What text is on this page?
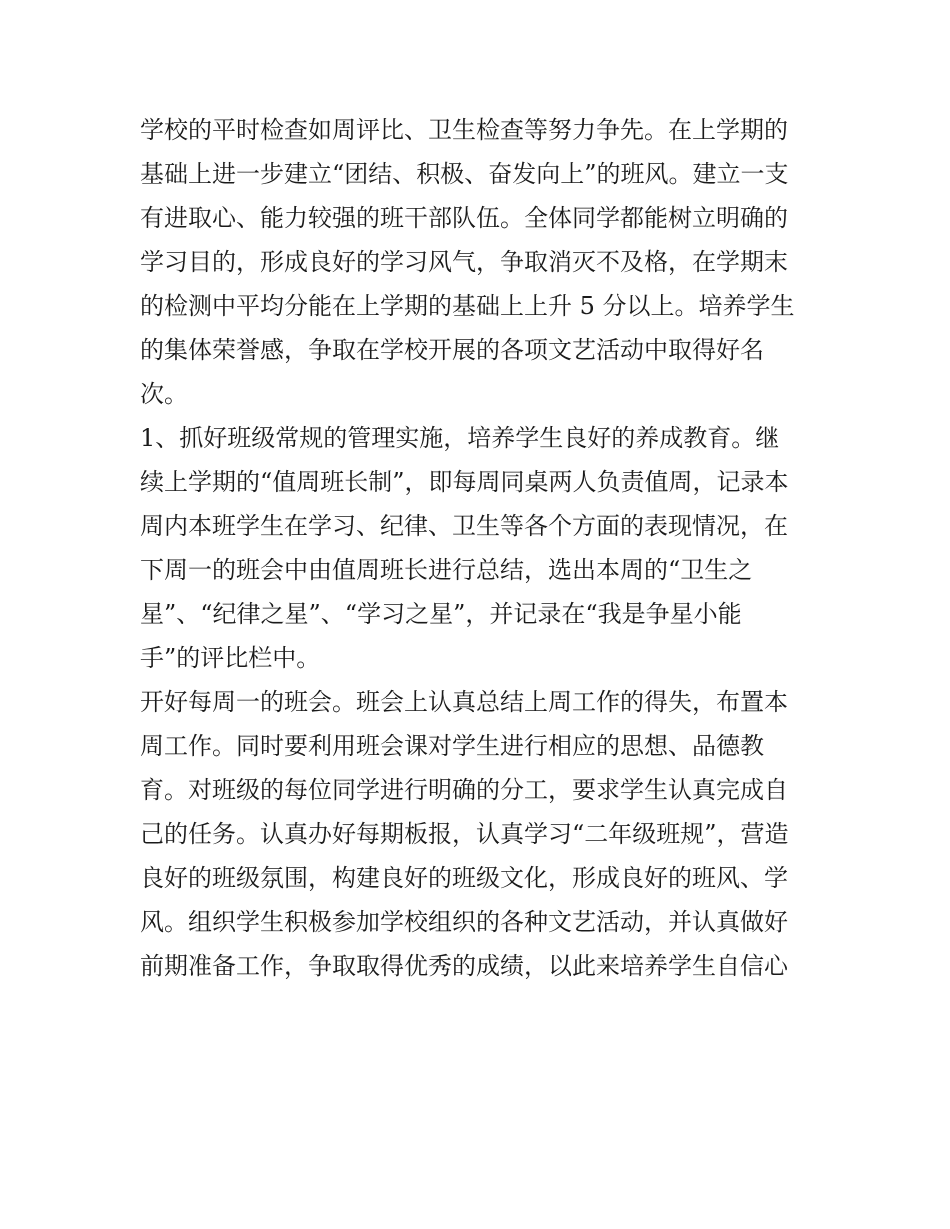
学校的平时检查如周评比、卫生检查等努力争先。在上学期的
基础上进一步建立“团结、积极、奋发向上”的班风。建立一支
有进取心、能力较强的班干部队伍。全体同学都能树立明确的
学习目的，形成良好的学习风气，争取消灭不及格，在学期末
的检测中平均分能在上学期的基础上上升 5 分以上。培养学生
的集体荣誉感，争取在学校开展的各项文艺活动中取得好名
次。
1、抓好班级常规的管理实施，培养学生良好的养成教育。继
续上学期的“值周班长制”，即每周同桌两人负责值周，记录本
周内本班学生在学习、纪律、卫生等各个方面的表现情况，在
下周一的班会中由值周班长进行总结，选出本周的“卫生之
星”、“纪律之星”、“学习之星”，并记录在“我是争星小能
手”的评比栏中。
开好每周一的班会。班会上认真总结上周工作的得失，布置本
周工作。同时要利用班会课对学生进行相应的思想、品德教
育。对班级的每位同学进行明确的分工，要求学生认真完成自
己的任务。认真办好每期板报，认真学习“二年级班规”，营造
良好的班级氛围，构建良好的班级文化，形成良好的班风、学
风。组织学生积极参加学校组织的各种文艺活动，并认真做好
前期准备工作，争取取得优秀的成绩，以此来培养学生自信心
